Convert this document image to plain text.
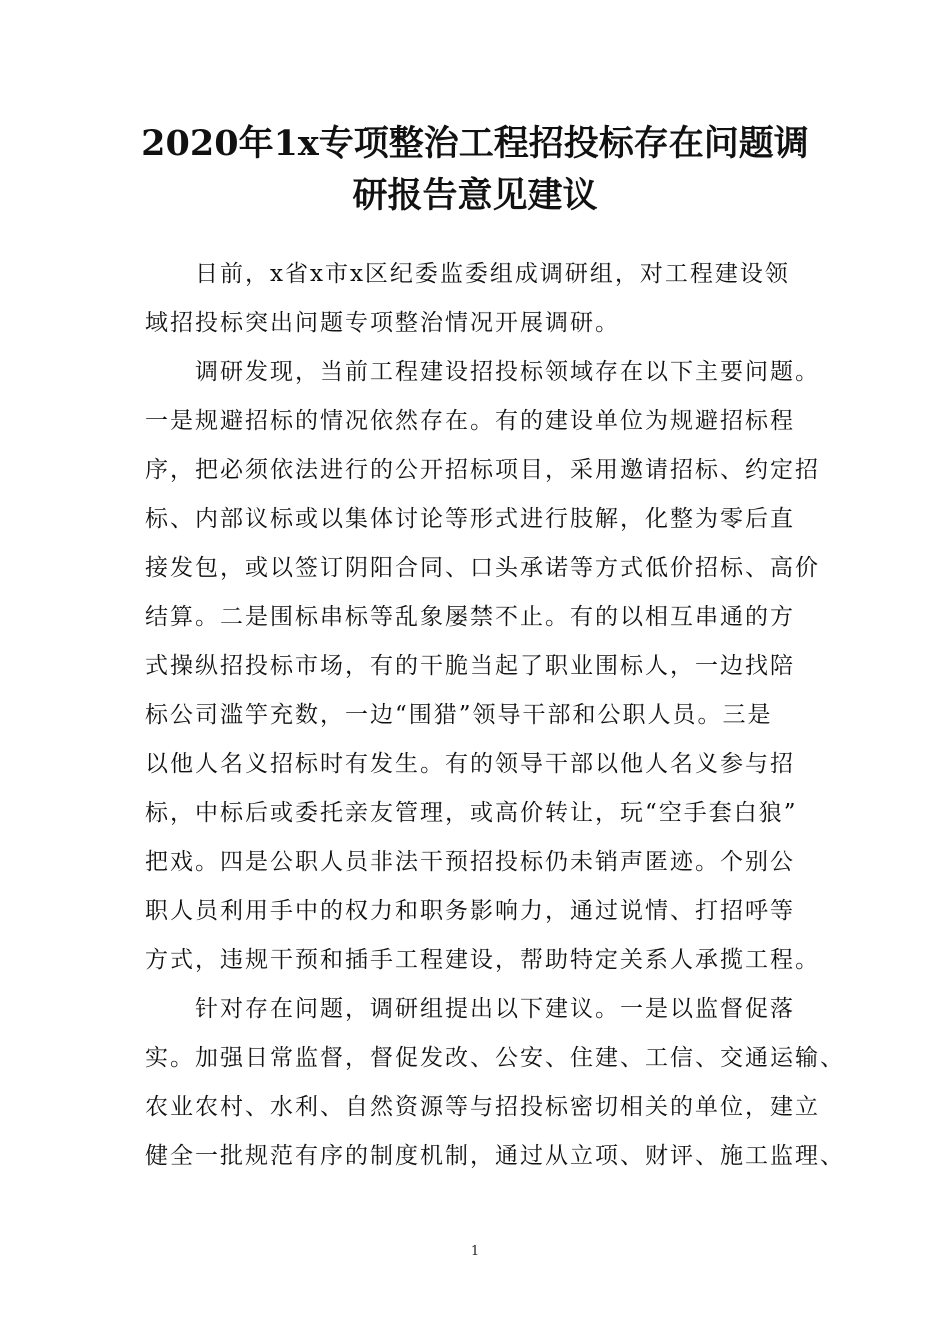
2020年1x专项整治工程招投标存在问题调
研报告意见建议
日前，x省x市x区纪委监委组成调研组，对工程建设领
域招投标突出问题专项整治情况开展调研。
调研发现，当前工程建设招投标领域存在以下主要问题。
一是规避招标的情况依然存在。有的建设单位为规避招标程
序，把必须依法进行的公开招标项目，采用邀请招标、约定招
标、内部议标或以集体讨论等形式进行肢解，化整为零后直
接发包，或以签订阴阳合同、口头承诺等方式低价招标、高价
结算。二是围标串标等乱象屡禁不止。有的以相互串通的方
式操纵招投标市场，有的干脆当起了职业围标人，一边找陪
标公司滥竽充数，一边“围猎”领导干部和公职人员。三是
以他人名义招标时有发生。有的领导干部以他人名义参与招
标，中标后或委托亲友管理，或高价转让，玩“空手套白狼”
把戏。四是公职人员非法干预招投标仍未销声匿迹。个别公
职人员利用手中的权力和职务影响力，通过说情、打招呼等
方式，违规干预和插手工程建设，帮助特定关系人承揽工程。
针对存在问题，调研组提出以下建议。一是以监督促落
实。加强日常监督，督促发改、公安、住建、工信、交通运输、
农业农村、水利、自然资源等与招投标密切相关的单位，建立
健全一批规范有序的制度机制，通过从立项、财评、施工监理、
1
